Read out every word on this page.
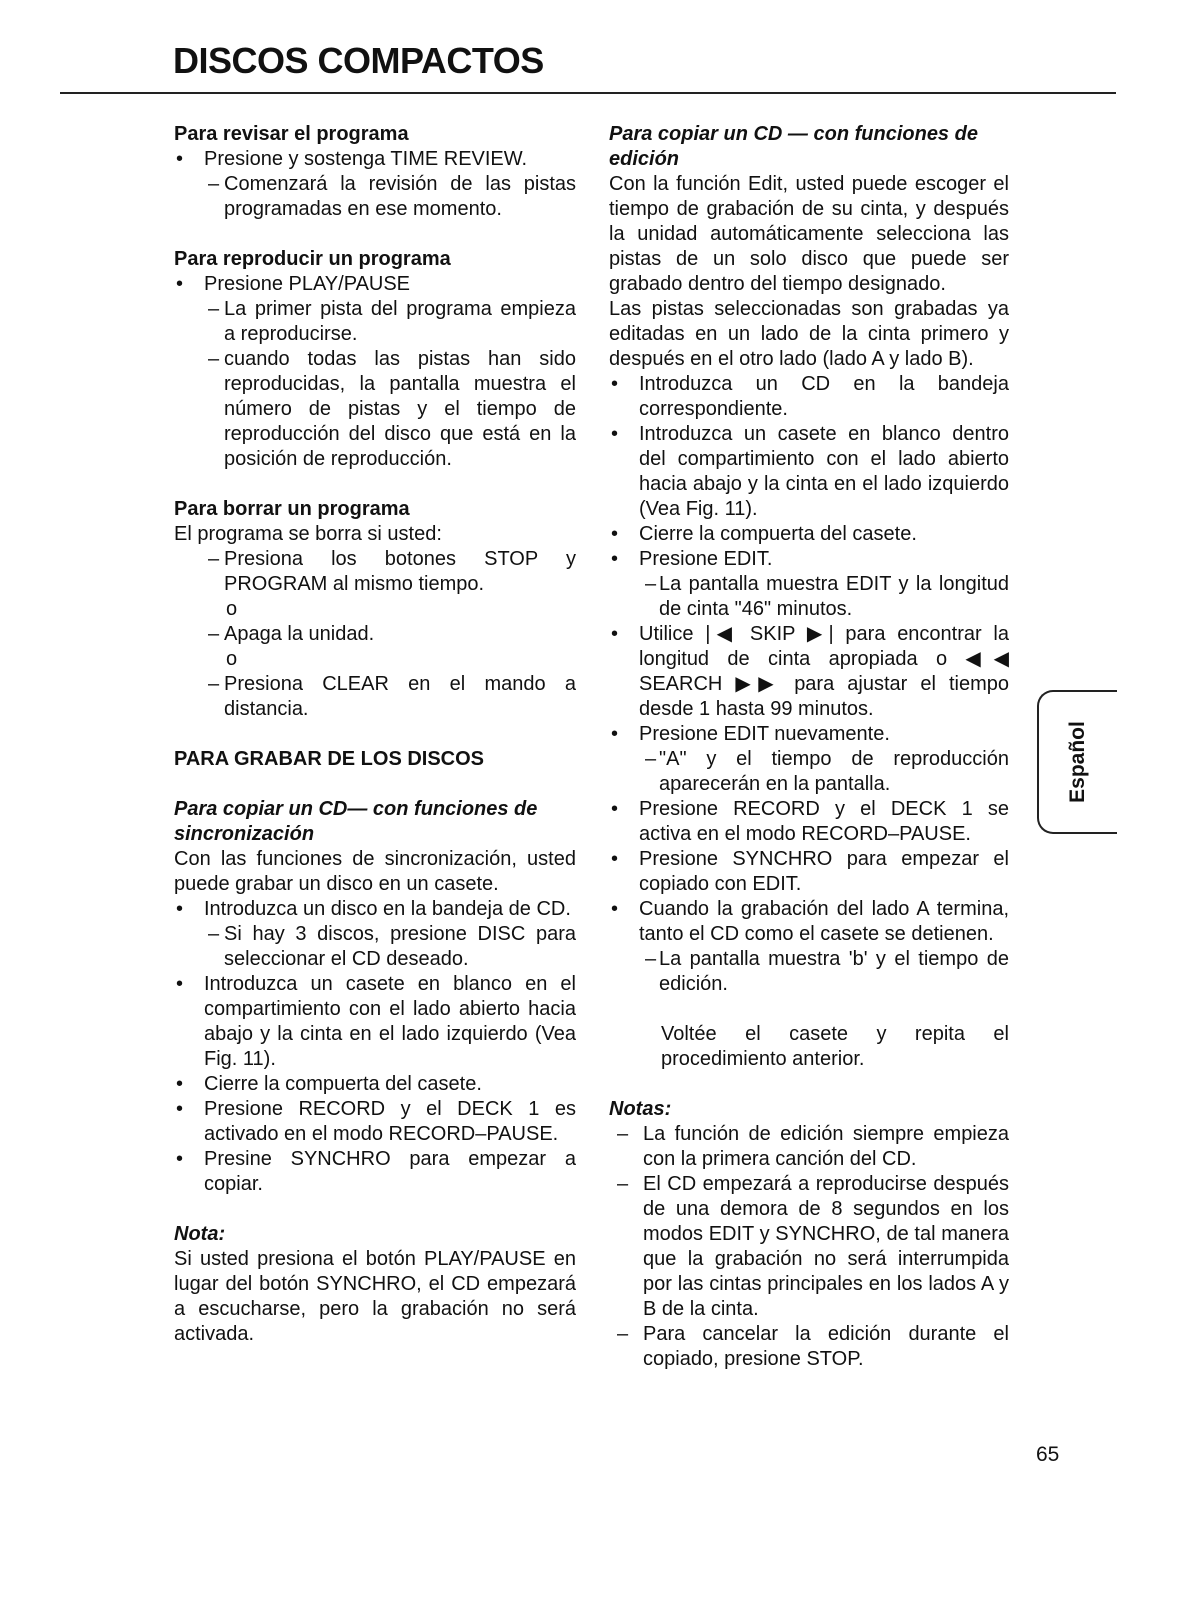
DISCOS COMPACTOS

Para revisar el programa

• Presione y sostenga TIME REVIEW.

– Comenzará la revisión de las pistas programadas en ese momento.

Para reproducir un programa

• Presione PLAY/PAUSE

– La primer pista del programa empieza a reproducirse.

– cuando todas las pistas han sido reproducidas, la pantalla muestra el número de pistas y el tiempo de reproducción del disco que está en la posición de reproducción.

Para borrar un programa

El programa se borra si usted:

– Presiona los botones STOP y PROGRAM al mismo tiempo.

o

– Apaga la unidad.

o

– Presiona CLEAR en el mando a distancia.

PARA GRABAR DE LOS DISCOS

Para copiar un CD— con funciones de sincronización

Con las funciones de sincronización, usted puede grabar un disco en un casete.

• Introduzca un disco en la bandeja de CD.

– Si hay 3 discos, presione DISC para seleccionar el CD deseado.

• Introduzca un casete en blanco en el compartimiento con el lado abierto hacia abajo y la cinta en el lado izquierdo (Vea Fig. 11).

• Cierre la compuerta del casete.

• Presione RECORD y el DECK 1 es activado en el modo RECORD–PAUSE.

• Presine SYNCHRO para empezar a copiar.

Nota:

Si usted presiona el botón PLAY/PAUSE en lugar del botón SYNCHRO, el CD empezará a escucharse, pero la grabación no será activada.

Para copiar un CD — con funciones de edición

Con la función Edit, usted puede escoger el tiempo de grabación de su cinta, y después la unidad automáticamente selecciona las pistas de un solo disco que puede ser grabado dentro del tiempo designado.

Las pistas seleccionadas son grabadas ya editadas en un lado de la cinta primero y después en el otro lado (lado A y lado B).

• Introduzca un CD en la bandeja correspondiente.

• Introduzca un casete en blanco dentro del compartimiento con el lado abierto hacia abajo y la cinta en el lado izquierdo (Vea Fig. 11).

• Cierre la compuerta del casete.

• Presione EDIT.

– La pantalla muestra EDIT y la longitud de cinta "46" minutos.

• Utilice |◀ SKIP ▶| para encontrar la longitud de cinta apropiada o ◀◀ SEARCH ▶▶ para ajustar el tiempo desde 1 hasta 99 minutos.

• Presione EDIT nuevamente.

– "A" y el tiempo de reproducción aparecerán en la pantalla.

• Presione RECORD y el DECK 1 se activa en el modo RECORD–PAUSE.

• Presione SYNCHRO para empezar el copiado con EDIT.

• Cuando la grabación del lado A termina, tanto el CD como el casete se detienen.

– La pantalla muestra 'b' y el tiempo de edición.

Voltée el casete y repita el procedimiento anterior.

Notas:

– La función de edición siempre empieza con la primera canción del CD.

– El CD empezará a reproducirse después de una demora de 8 segundos en los modos EDIT y SYNCHRO, de tal manera que la grabación no será interrumpida por las cintas principales en los lados A y B de la cinta.

– Para cancelar la edición durante el copiado, presione STOP.

Español
65
